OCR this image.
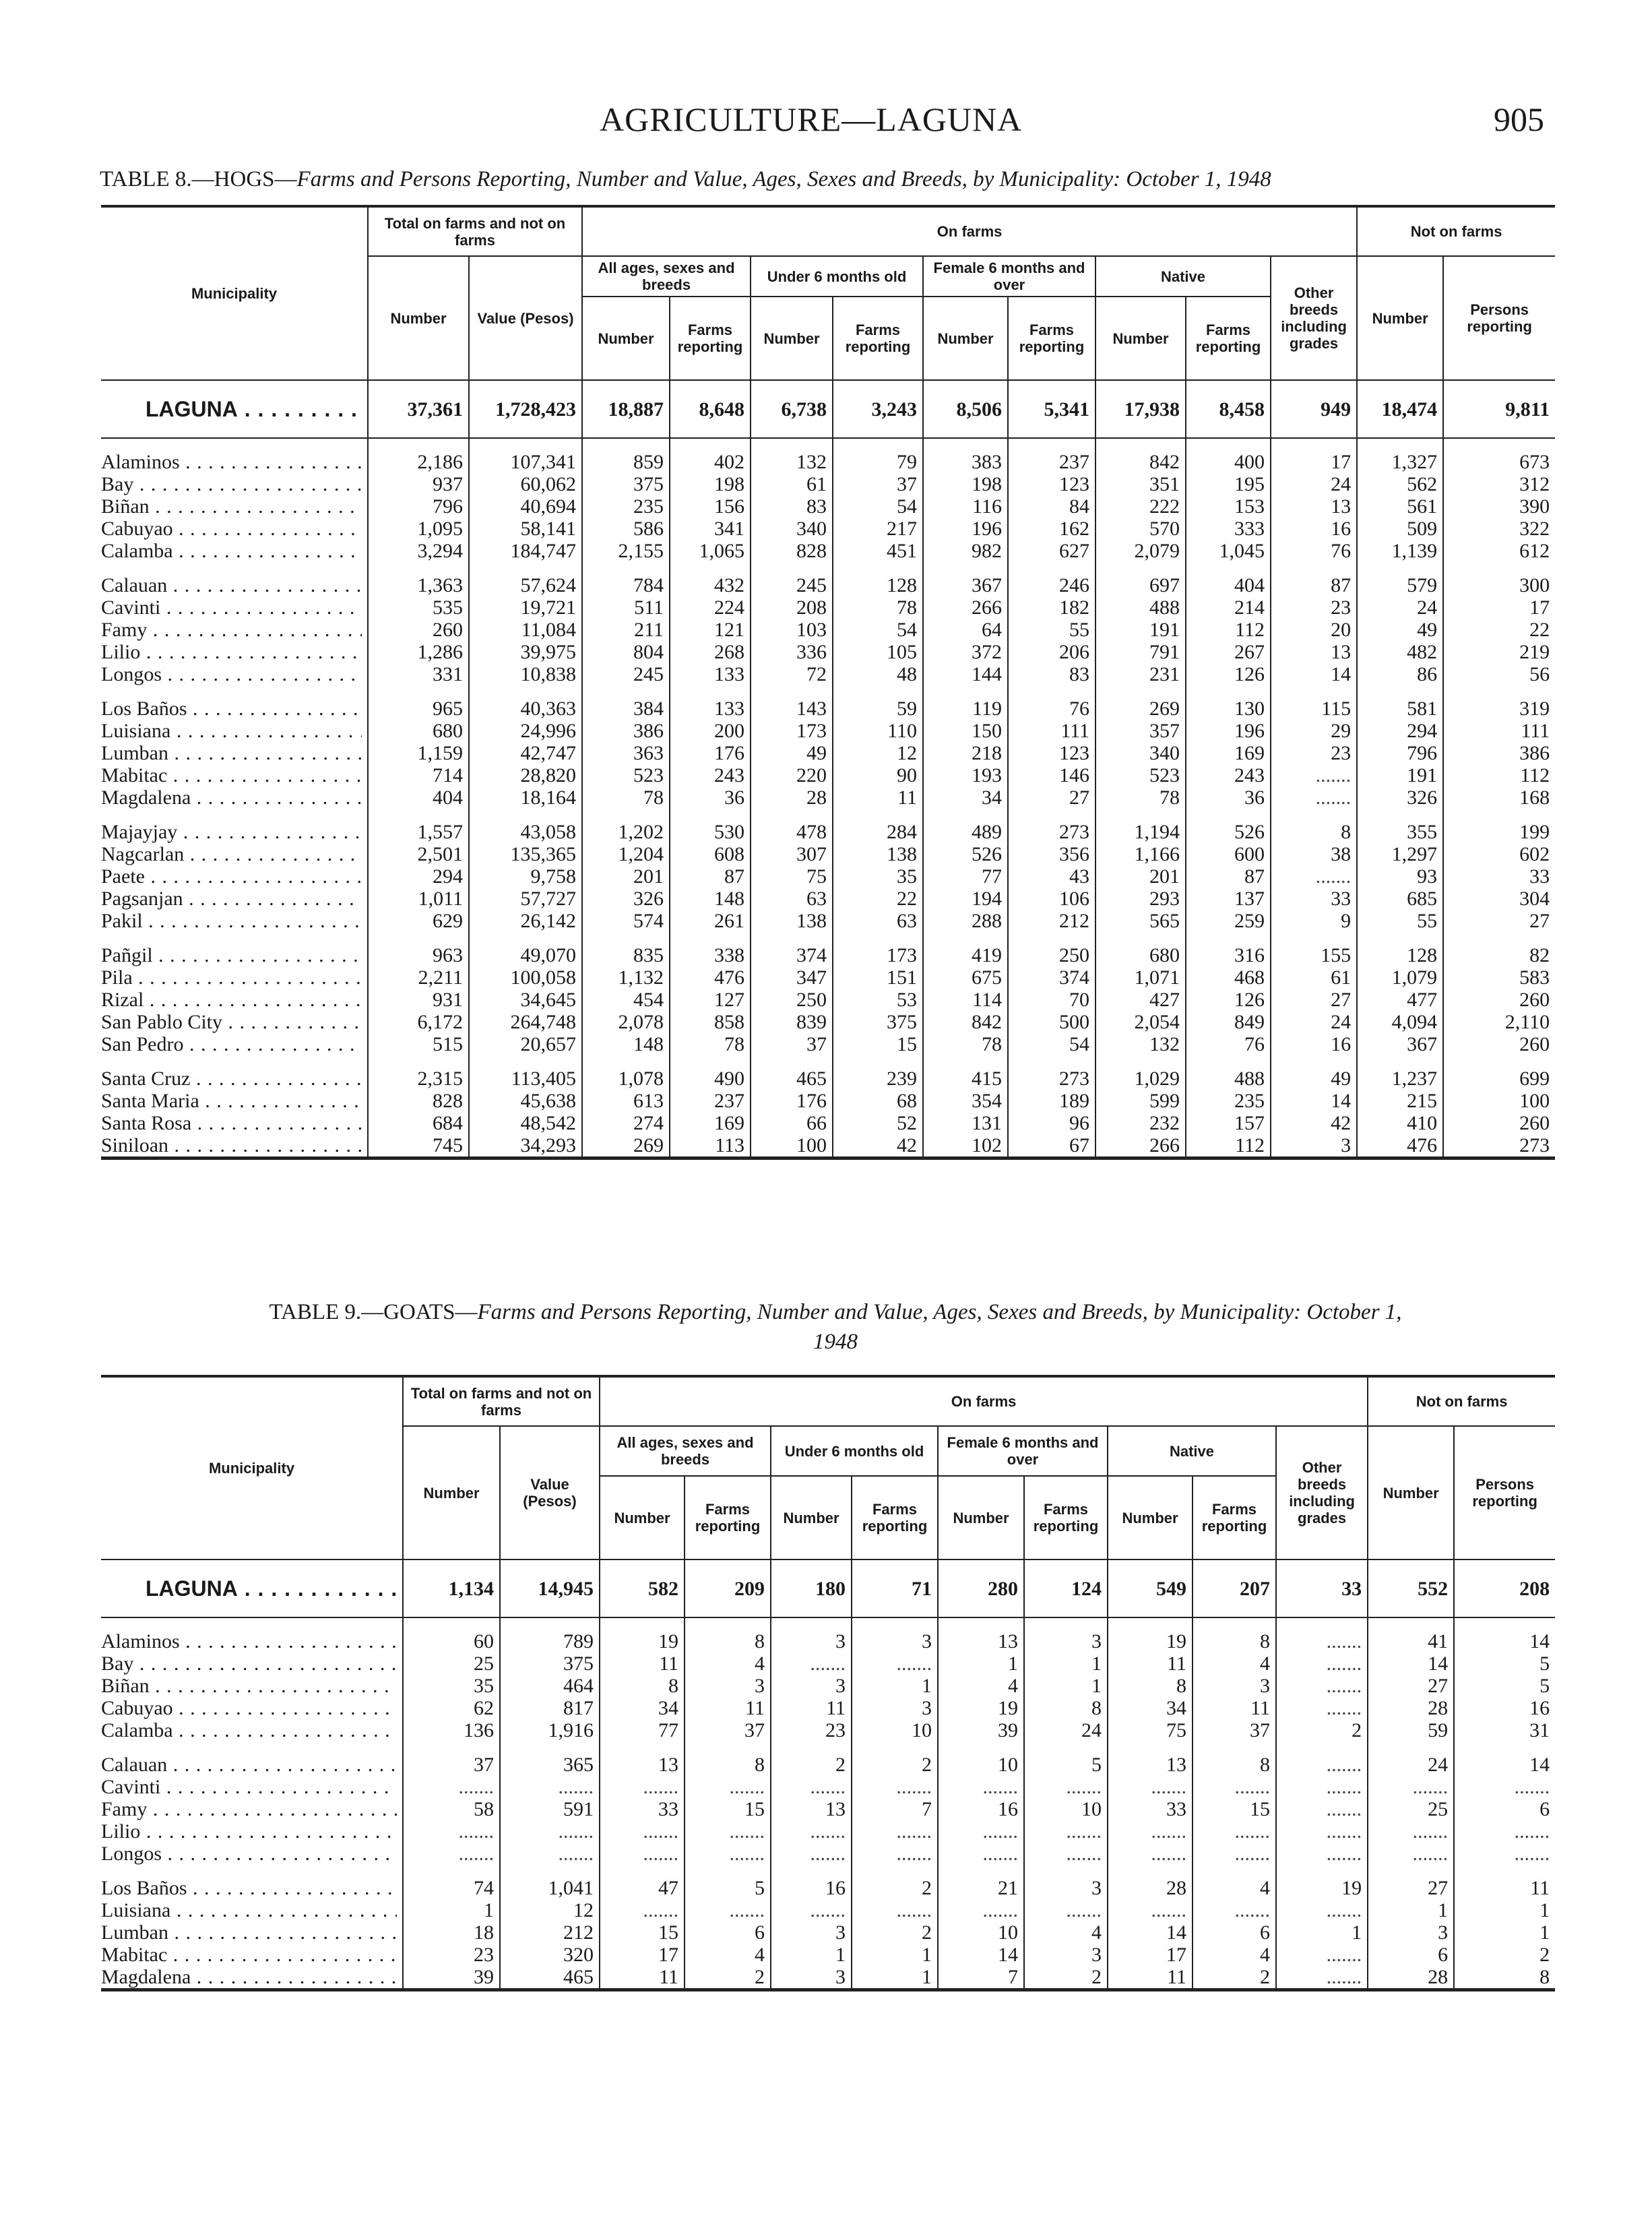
AGRICULTURE—LAGUNA	905
TABLE 8.—HOGS—Farms and Persons Reporting, Number and Value, Ages, Sexes and Breeds, by Municipality: October 1, 1948
Municipality	Total on farms and not on farms		On farms									Not on farms	
	Number	Value (Pesos)	All ages, sexes and breeds		Under 6 months old		Female 6 months and over		Native		Other breeds including grades	Number	Persons reporting
			Number	Farms reporting	Number	Farms reporting	Number	Farms reporting	Number	Farms reporting			

LAGUNA . . .	37,361	1,728,423	18,887	8,648	6,738	3,243	8,506	5,341	17,938	8,458	949	18,474	9,811

Alaminos . . .	2,186	107,341	859	402	132	79	383	237	842	400	17	1,327	673

Bay . . .	937	60,062	375	198	61	37	198	123	351	195	24	562	312

Biñan . . .	796	40,694	235	156	83	54	116	84	222	153	13	561	390

Cabuyao . . .	1,095	58,141	586	341	340	217	196	162	570	333	16	509	322

Calamba . . .	3,294	184,747	2,155	1,065	828	451	982	627	2,079	1,045	76	1,139	612

Calauan . . .	1,363	57,624	784	432	245	128	367	246	697	404	87	579	300

Cavinti . . .	535	19,721	511	224	208	78	266	182	488	214	23	24	17

Famy . . .	260	11,084	211	121	103	54	64	55	191	112	20	49	22

Lilio . . .	1,286	39,975	804	268	336	105	372	206	791	267	13	482	219

Longos . . .	331	10,838	245	133	72	48	144	83	231	126	14	86	56

Los Baños . . .	965	40,363	384	133	143	59	119	76	269	130	115	581	319

Luisiana . . .	680	24,996	386	200	173	110	150	111	357	196	29	294	111

Lumban . . .	1,159	42,747	363	176	49	12	218	123	340	169	23	796	386

Mabitac . . .	714	28,820	523	243	220	90	193	146	523	243	.......	191	112

Magdalena . . .	404	18,164	78	36	28	11	34	27	78	36	.......	326	168

Majayjay . . .	1,557	43,058	1,202	530	478	284	489	273	1,194	526	8	355	199

Nagcarlan . . .	2,501	135,365	1,204	608	307	138	526	356	1,166	600	38	1,297	602

Paete . . .	294	9,758	201	87	75	35	77	43	201	87	.......	93	33

Pagsanjan . . .	1,011	57,727	326	148	63	22	194	106	293	137	33	685	304

Pakil . . .	629	26,142	574	261	138	63	288	212	565	259	9	55	27

Pañgil . . .	963	49,070	835	338	374	173	419	250	680	316	155	128	82

Pila . . .	2,211	100,058	1,132	476	347	151	675	374	1,071	468	61	1,079	583

Rizal . . .	931	34,645	454	127	250	53	114	70	427	126	27	477	260

San Pablo City . . .	6,172	264,748	2,078	858	839	375	842	500	2,054	849	24	4,094	2,110

San Pedro . . .	515	20,657	148	78	37	15	78	54	132	76	16	367	260

Santa Cruz . . .	2,315	113,405	1,078	490	465	239	415	273	1,029	488	49	1,237	699

Santa Maria . . .	828	45,638	613	237	176	68	354	189	599	235	14	215	100

Santa Rosa . . .	684	48,542	274	169	66	52	131	96	232	157	42	410	260

Siniloan . . .	745	34,293	269	113	100	42	102	67	266	112	3	476	273
TABLE 9.—GOATS—Farms and Persons Reporting, Number and Value, Ages, Sexes and Breeds, by Municipality: October 1, 1948
Municipality	Total on farms and not on farms		On farms									Not on farms	
	Number	Value (Pesos)	All ages, sexes and breeds		Under 6 months old		Female 6 months and over		Native		Other breeds including grades	Number	Persons reporting
			Number	Farms reporting	Number	Farms reporting	Number	Farms reporting	Number	Farms reporting			

LAGUNA . . .	1,134	14,945	582	209	180	71	280	124	549	207	33	552	208

Alaminos . . .	60	789	19	8	3	3	13	3	19	8	.......	41	14

Bay . . .	25	375	11	4	.......	.......	1	1	11	4	.......	14	5

Biñan . . .	35	464	8	3	3	1	4	1	8	3	.......	27	5

Cabuyao . . .	62	817	34	11	11	3	19	8	34	11	.......	28	16

Calamba . . .	136	1,916	77	37	23	10	39	24	75	37	2	59	31

Calauan . . .	37	365	13	8	2	2	10	5	13	8	.......	24	14

Cavinti . . .	.......	.......	.......	.......	.......	.......	.......	.......	.......	.......	.......	.......	.......

Famy . . .	58	591	33	15	13	7	16	10	33	15	.......	25	6

Lilio . . .	.......	.......	.......	.......	.......	.......	.......	.......	.......	.......	.......	.......	.......

Longos . . .	.......	.......	.......	.......	.......	.......	.......	.......	.......	.......	.......	.......	.......

Los Baños . . .	74	1,041	47	5	16	2	21	3	28	4	19	27	11

Luisiana . . .	1	12	.......	.......	.......	.......	.......	.......	.......	.......	.......	1	1

Lumban . . .	18	212	15	6	3	2	10	4	14	6	1	3	1

Mabitac . . .	23	320	17	4	1	1	14	3	17	4	.......	6	2

Magdalena . . .	39	465	11	2	3	1	7	2	11	2	.......	28	8
